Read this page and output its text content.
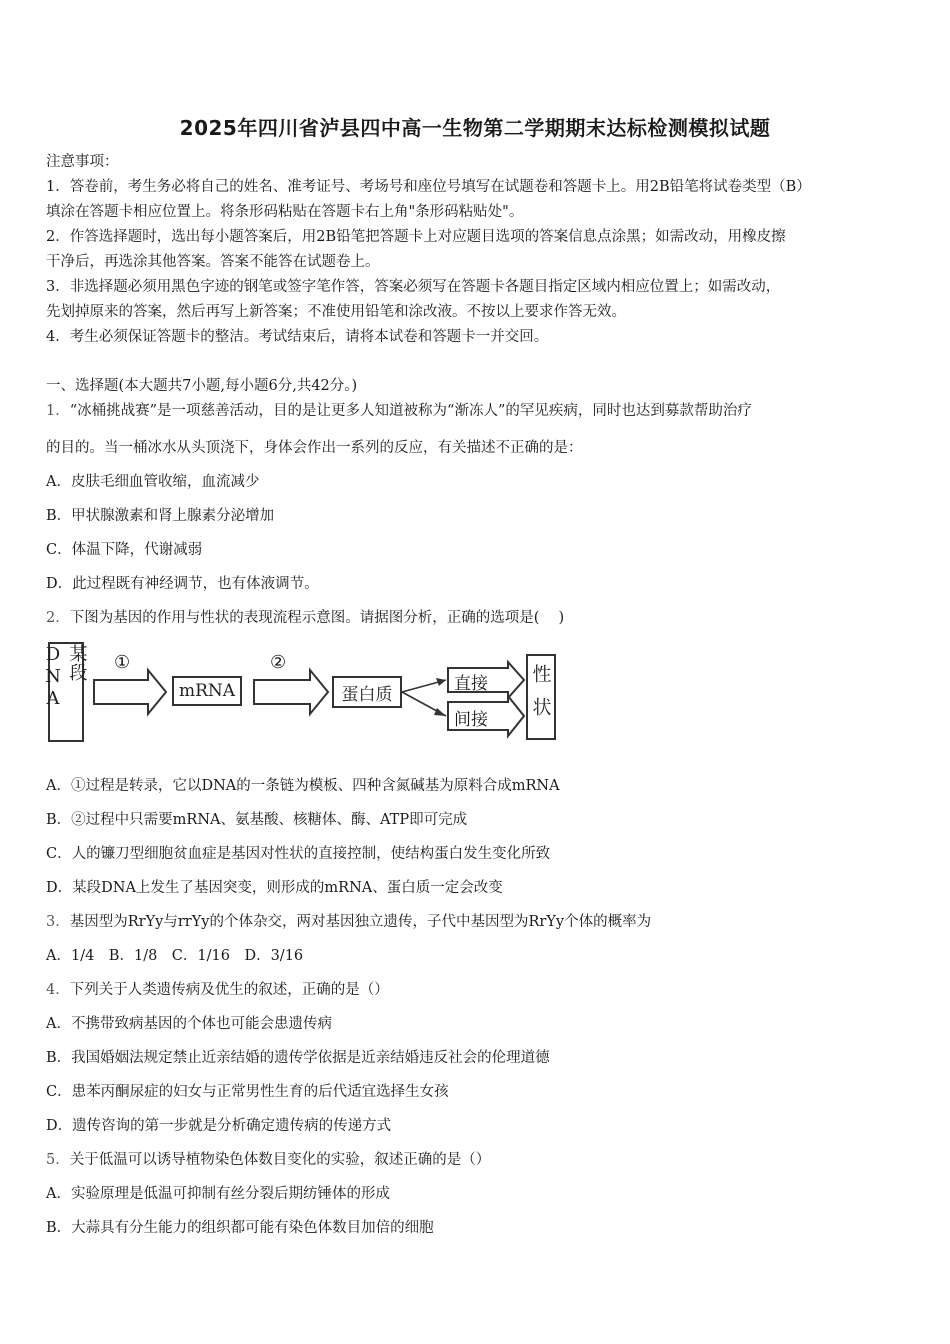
2025年四川省泸县四中高一生物第二学期期末达标检测模拟试题
注意事项：
1．答卷前，考生务必将自己的姓名、准考证号、考场号和座位号填写在试题卷和答题卡上。用2B铅笔将试卷类型（B）
填涂在答题卡相应位置上。将条形码粘贴在答题卡右上角"条形码粘贴处"。
2．作答选择题时，选出每小题答案后，用2B铅笔把答题卡上对应题目选项的答案信息点涂黑；如需改动，用橡皮擦
干净后，再选涂其他答案。答案不能答在试题卷上。
3．非选择题必须用黑色字迹的钢笔或签字笔作答，答案必须写在答题卡各题目指定区域内相应位置上；如需改动，
先划掉原来的答案，然后再写上新答案；不准使用铅笔和涂改液。不按以上要求作答无效。
4．考生必须保证答题卡的整洁。考试结束后，请将本试卷和答题卡一并交回。
一、选择题(本大题共7小题,每小题6分,共42分。)
1．“冰桶挑战赛”是一项慈善活动，目的是让更多人知道被称为“渐冻人”的罕见疾病，同时也达到募款帮助治疗
的目的。当一桶冰水从头顶浇下，身体会作出一系列的反应，有关描述不正确的是：
A．皮肤毛细血管收缩，血流减少
B．甲状腺激素和肾上腺素分泌增加
C．体温下降，代谢减弱
D．此过程既有神经调节，也有体液调节。
2．下图为基因的作用与性状的表现流程示意图。请据图分析，正确的选项是(　 )
某段DNA	①
mRNA
②
蛋白质
直接
间接 性状
A．①过程是转录，它以DNA的一条链为模板、四种含氮碱基为原料合成mRNA
B．②过程中只需要mRNA、氨基酸、核糖体、酶、ATP即可完成
C．人的镰刀型细胞贫血症是基因对性状的直接控制，使结构蛋白发生变化所致
D．某段DNA上发生了基因突变，则形成的mRNA、蛋白质一定会改变
3．基因型为RrYy与rrYy的个体杂交，两对基因独立遗传，子代中基因型为RrYy个体的概率为
A．1/4　B．1/8　C．1/16　D．3/16
4．下列关于人类遗传病及优生的叙述，正确的是（）
A．不携带致病基因的个体也可能会患遗传病
B．我国婚姻法规定禁止近亲结婚的遗传学依据是近亲结婚违反社会的伦理道德
C．患苯丙酮尿症的妇女与正常男性生育的后代适宜选择生女孩
D．遗传咨询的第一步就是分析确定遗传病的传递方式
5．关于低温可以诱导植物染色体数目变化的实验，叙述正确的是（）
A．实验原理是低温可抑制有丝分裂后期纺锤体的形成
B．大蒜具有分生能力的组织都可能有染色体数目加倍的细胞
